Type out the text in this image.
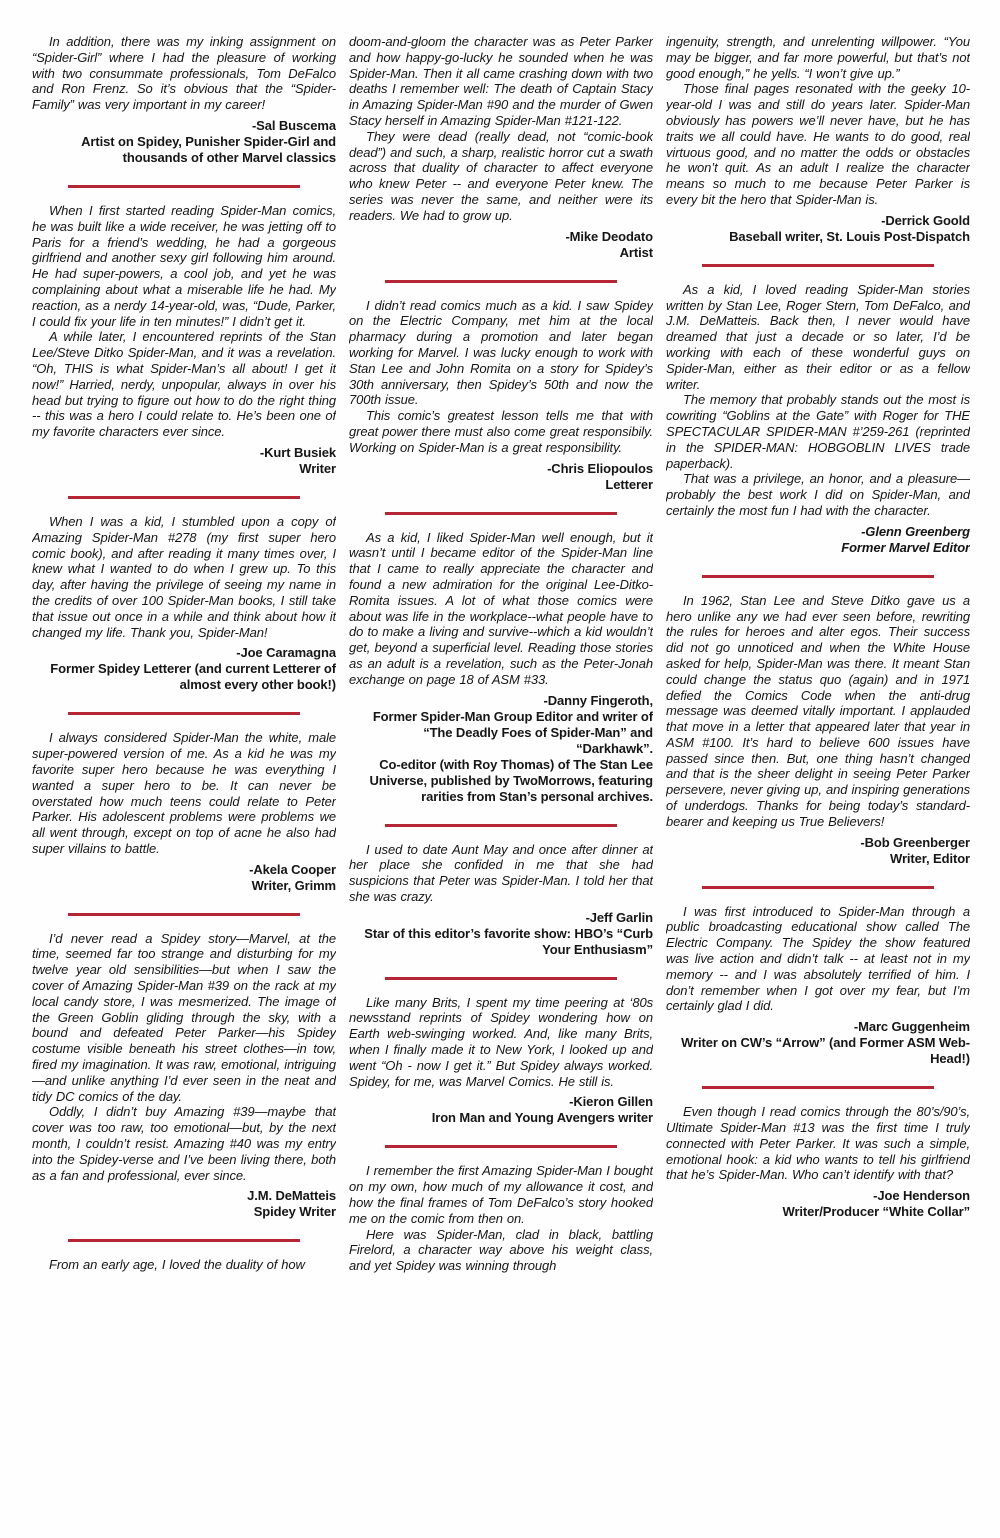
In addition, there was my inking assignment on “Spider-Girl” where I had the pleasure of working with two consummate professionals, Tom DeFalco and Ron Frenz. So it’s obvious that the “Spider-Family” was very important in my career!

-Sal Buscema
Artist on Spidey, Punisher Spider-Girl and thousands of other Marvel classics

When I first started reading Spider-Man comics, he was built like a wide receiver, he was jetting off to Paris for a friend’s wedding, he had a gorgeous girlfriend and another sexy girl following him around. He had super-powers, a cool job, and yet he was complaining about what a miserable life he had. My reaction, as a nerdy 14-year-old, was, “Dude, Parker, I could fix your life in ten minutes!” I didn’t get it.

A while later, I encountered reprints of the Stan Lee/Steve Ditko Spider-Man, and it was a revelation. “Oh, THIS is what Spider-Man’s all about! I get it now!” Harried, nerdy, unpopular, always in over his head but trying to figure out how to do the right thing -- this was a hero I could relate to. He’s been one of my favorite characters ever since.

-Kurt Busiek
Writer

When I was a kid, I stumbled upon a copy of Amazing Spider-Man #278 (my first super hero comic book), and after reading it many times over, I knew what I wanted to do when I grew up. To this day, after having the privilege of seeing my name in the credits of over 100 Spider-Man books, I still take that issue out once in a while and think about how it changed my life. Thank you, Spider-Man!

-Joe Caramagna
Former Spidey Letterer (and current Letterer of almost every other book!)

I always considered Spider-Man the white, male super-powered version of me. As a kid he was my favorite super hero because he was everything I wanted a super hero to be. It can never be overstated how much teens could relate to Peter Parker. His adolescent problems were problems we all went through, except on top of acne he also had super villains to battle.

-Akela Cooper
Writer, Grimm

I’d never read a Spidey story—Marvel, at the time, seemed far too strange and disturbing for my twelve year old sensibilities—but when I saw the cover of Amazing Spider-Man #39 on the rack at my local candy store, I was mesmerized. The image of the Green Goblin gliding through the sky, with a bound and defeated Peter Parker—his Spidey costume visible beneath his street clothes—in tow, fired my imagination. It was raw, emotional, intriguing—and unlike anything I’d ever seen in the neat and tidy DC comics of the day.

Oddly, I didn’t buy Amazing #39—maybe that cover was too raw, too emotional—but, by the next month, I couldn’t resist. Amazing #40 was my entry into the Spidey-verse and I’ve been living there, both as a fan and professional, ever since.

J.M. DeMatteis
Spidey Writer

From an early age, I loved the duality of how

doom-and-gloom the character was as Peter Parker and how happy-go-lucky he sounded when he was Spider-Man. Then it all came crashing down with two deaths I remember well: The death of Captain Stacy in Amazing Spider-Man #90 and the murder of Gwen Stacy herself in Amazing Spider-Man #121-122.

They were dead (really dead, not “comic-book dead”) and such, a sharp, realistic horror cut a swath across that duality of character to affect everyone who knew Peter -- and everyone Peter knew. The series was never the same, and neither were its readers. We had to grow up.

-Mike Deodato
Artist

I didn’t read comics much as a kid. I saw Spidey on the Electric Company, met him at the local pharmacy during a promotion and later began working for Marvel. I was lucky enough to work with Stan Lee and John Romita on a story for Spidey’s 30th anniversary, then Spidey’s 50th and now the 700th issue.

This comic’s greatest lesson tells me that with great power there must also come great responsibily. Working on Spider-Man is a great responsibility.

-Chris Eliopoulos
Letterer

As a kid, I liked Spider-Man well enough, but it wasn’t until I became editor of the Spider-Man line that I came to really appreciate the character and found a new admiration for the original Lee-Ditko-Romita issues. A lot of what those comics were about was life in the workplace--what people have to do to make a living and survive--which a kid wouldn’t get, beyond a superficial level. Reading those stories as an adult is a revelation, such as the Peter-Jonah exchange on page 18 of ASM #33.

-Danny Fingeroth,
Former Spider-Man Group Editor and writer of “The Deadly Foes of Spider-Man” and “Darkhawk”.
Co-editor (with Roy Thomas) of The Stan Lee Universe, published by TwoMorrows, featuring rarities from Stan’s personal archives.

I used to date Aunt May and once after dinner at her place she confided in me that she had suspicions that Peter was Spider-Man. I told her that she was crazy.

-Jeff Garlin
Star of this editor’s favorite show: HBO’s “Curb Your Enthusiasm”

Like many Brits, I spent my time peering at ‘80s newsstand reprints of Spidey wondering how on Earth web-swinging worked. And, like many Brits, when I finally made it to New York, I looked up and went “Oh - now I get it.” But Spidey always worked. Spidey, for me, was Marvel Comics. He still is.

-Kieron Gillen
Iron Man and Young Avengers writer

I remember the first Amazing Spider-Man I bought on my own, how much of my allowance it cost, and how the final frames of Tom DeFalco’s story hooked me on the comic from then on.

Here was Spider-Man, clad in black, battling Firelord, a character way above his weight class, and yet Spidey was winning through

ingenuity, strength, and unrelenting willpower. “You may be bigger, and far more powerful, but that’s not good enough,” he yells. “I won’t give up.”

Those final pages resonated with the geeky 10-year-old I was and still do years later. Spider-Man obviously has powers we’ll never have, but he has traits we all could have. He wants to do good, real virtuous good, and no matter the odds or obstacles he won’t quit. As an adult I realize the character means so much to me because Peter Parker is every bit the hero that Spider-Man is.

-Derrick Goold
Baseball writer, St. Louis Post-Dispatch

As a kid, I loved reading Spider-Man stories written by Stan Lee, Roger Stern, Tom DeFalco, and J.M. DeMatteis. Back then, I never would have dreamed that just a decade or so later, I’d be working with each of these wonderful guys on Spider-Man, either as their editor or as a fellow writer.

The memory that probably stands out the most is cowriting “Goblins at the Gate” with Roger for THE SPECTACULAR SPIDER-MAN #’259-261 (reprinted in the SPIDER-MAN: HOBGOBLIN LIVES trade paperback).

That was a privilege, an honor, and a pleasure—probably the best work I did on Spider-Man, and certainly the most fun I had with the character.

-Glenn Greenberg
Former Marvel Editor

In 1962, Stan Lee and Steve Ditko gave us a hero unlike any we had ever seen before, rewriting the rules for heroes and alter egos. Their success did not go unnoticed and when the White House asked for help, Spider-Man was there. It meant Stan could change the status quo (again) and in 1971 defied the Comics Code when the anti-drug message was deemed vitally important. I applauded that move in a letter that appeared later that year in ASM #100. It’s hard to believe 600 issues have passed since then. But, one thing hasn’t changed and that is the sheer delight in seeing Peter Parker persevere, never giving up, and inspiring generations of underdogs. Thanks for being today’s standard-bearer and keeping us True Believers!

-Bob Greenberger
Writer, Editor

I was first introduced to Spider-Man through a public broadcasting educational show called The Electric Company. The Spidey the show featured was live action and didn’t talk -- at least not in my memory -- and I was absolutely terrified of him. I don’t remember when I got over my fear, but I’m certainly glad I did.

-Marc Guggenheim
Writer on CW’s “Arrow” (and Former ASM Web-Head!)

Even though I read comics through the 80’s/90’s, Ultimate Spider-Man #13 was the first time I truly connected with Peter Parker. It was such a simple, emotional hook: a kid who wants to tell his girlfriend that he’s Spider-Man. Who can’t identify with that?

-Joe Henderson
Writer/Producer “White Collar”
